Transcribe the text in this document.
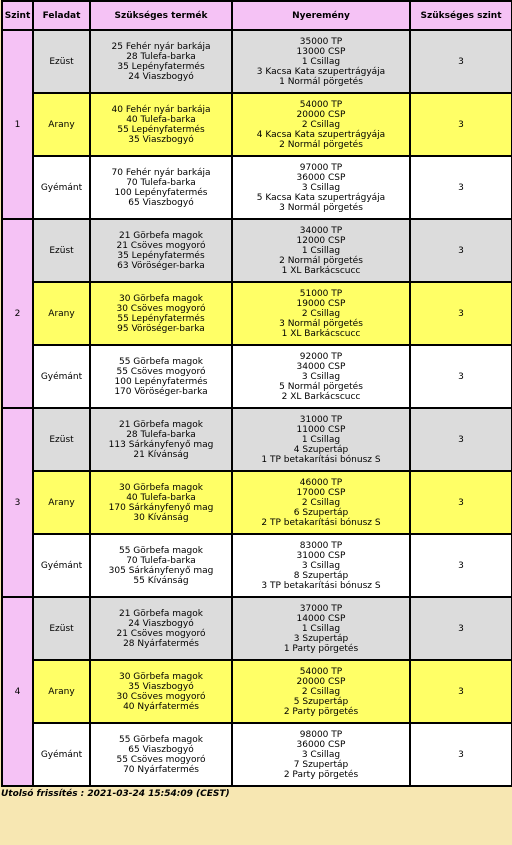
Szint	Feladat	Szükséges termék	Nyeremény	Szükséges szint
1	Ezüst	25 Fehér nyár barkája
28 Tulefa-barka
35 Lepényfatermés
24 Viaszbogyó	35000 TP
13000 CSP
1 Csillag
3 Kacsa Kata szupertrágyája
1 Normál pörgetés	3
	Arany	40 Fehér nyár barkája
40 Tulefa-barka
55 Lepényfatermés
35 Viaszbogyó	54000 TP
20000 CSP
2 Csillag
4 Kacsa Kata szupertrágyája
2 Normál pörgetés	3
	Gyémánt	70 Fehér nyár barkája
70 Tulefa-barka
100 Lepényfatermés
65 Viaszbogyó	97000 TP
36000 CSP
3 Csillag
5 Kacsa Kata szupertrágyája
3 Normál pörgetés	3
2	Ezüst	21 Görbefa magok
21 Csöves mogyoró
35 Lepényfatermés
63 Vöröséger-barka	34000 TP
12000 CSP
1 Csillag
2 Normál pörgetés
1 XL Barkácscucc	3
	Arany	30 Görbefa magok
30 Csöves mogyoró
55 Lepényfatermés
95 Vöröséger-barka	51000 TP
19000 CSP
2 Csillag
3 Normál pörgetés
1 XL Barkácscucc	3
	Gyémánt	55 Görbefa magok
55 Csöves mogyoró
100 Lepényfatermés
170 Vöröséger-barka	92000 TP
34000 CSP
3 Csillag
5 Normál pörgetés
2 XL Barkácscucc	3
3	Ezüst	21 Görbefa magok
28 Tulefa-barka
113 Sárkányfenyő mag
21 Kívánság	31000 TP
11000 CSP
1 Csillag
4 Szupertáp
1 TP betakarítási bónusz S	3
	Arany	30 Görbefa magok
40 Tulefa-barka
170 Sárkányfenyő mag
30 Kívánság	46000 TP
17000 CSP
2 Csillag
6 Szupertáp
2 TP betakarítási bónusz S	3
	Gyémánt	55 Görbefa magok
70 Tulefa-barka
305 Sárkányfenyő mag
55 Kívánság	83000 TP
31000 CSP
3 Csillag
8 Szupertáp
3 TP betakarítási bónusz S	3
4	Ezüst	21 Görbefa magok
24 Viaszbogyó
21 Csöves mogyoró
28 Nyárfatermés	37000 TP
14000 CSP
1 Csillag
3 Szupertáp
1 Party pörgetés	3
	Arany	30 Görbefa magok
35 Viaszbogyó
30 Csöves mogyoró
40 Nyárfatermés	54000 TP
20000 CSP
2 Csillag
5 Szupertáp
2 Party pörgetés	3
	Gyémánt	55 Görbefa magok
65 Viaszbogyó
55 Csöves mogyoró
70 Nyárfatermés	98000 TP
36000 CSP
3 Csillag
7 Szupertáp
2 Party pörgetés	3
Utolsó frissítés : 2021-03-24 15:54:09 (CEST)
